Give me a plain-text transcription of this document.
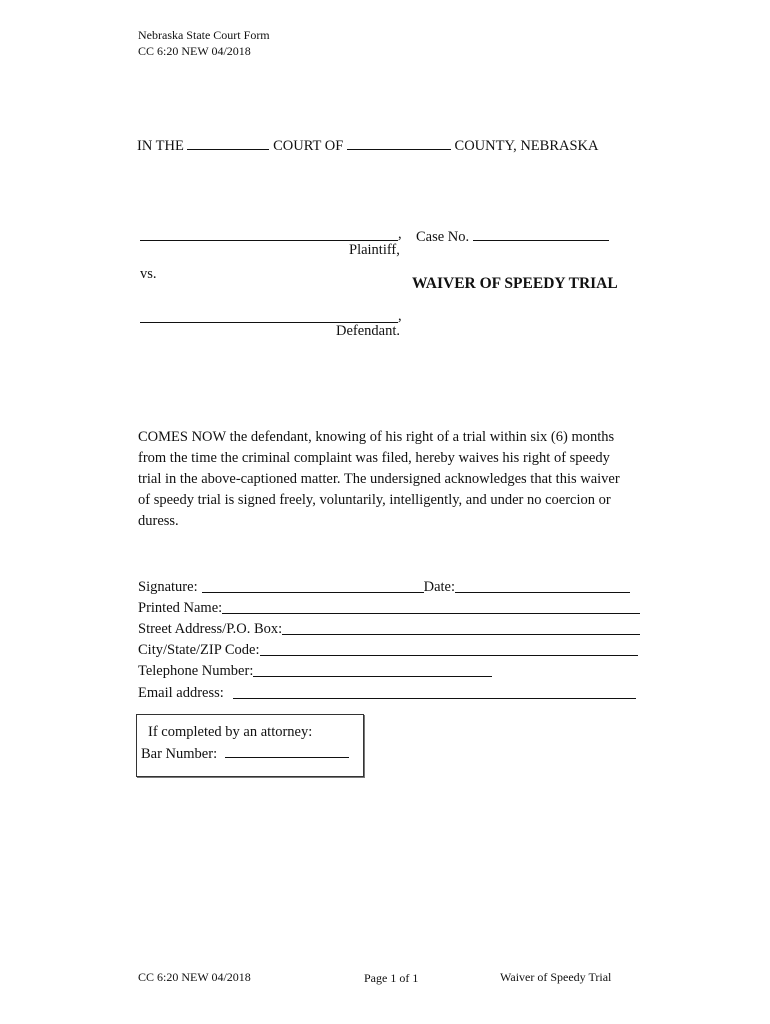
Nebraska State Court Form
CC 6:20 NEW 04/2018
IN THE	COURT OF	COUNTY, NEBRASKA
,
Plaintiff,
Case No.
vs.
WAIVER OF SPEEDY TRIAL
,
Defendant.
COMES NOW the defendant, knowing of his right of a trial within six (6) months from the time the criminal complaint was filed, hereby waives his right of speedy trial in the above-captioned matter. The undersigned acknowledges that this waiver of speedy trial is signed freely, voluntarily, intelligently, and under no coercion or duress.
Signature:	Date:
Printed Name:
Street Address/P.O. Box:
City/State/ZIP Code:
Telephone Number:
Email address:
If completed by an attorney:
Bar Number:
CC 6:20 NEW 04/2018	Page 1 of 1	Waiver of Speedy Trial
